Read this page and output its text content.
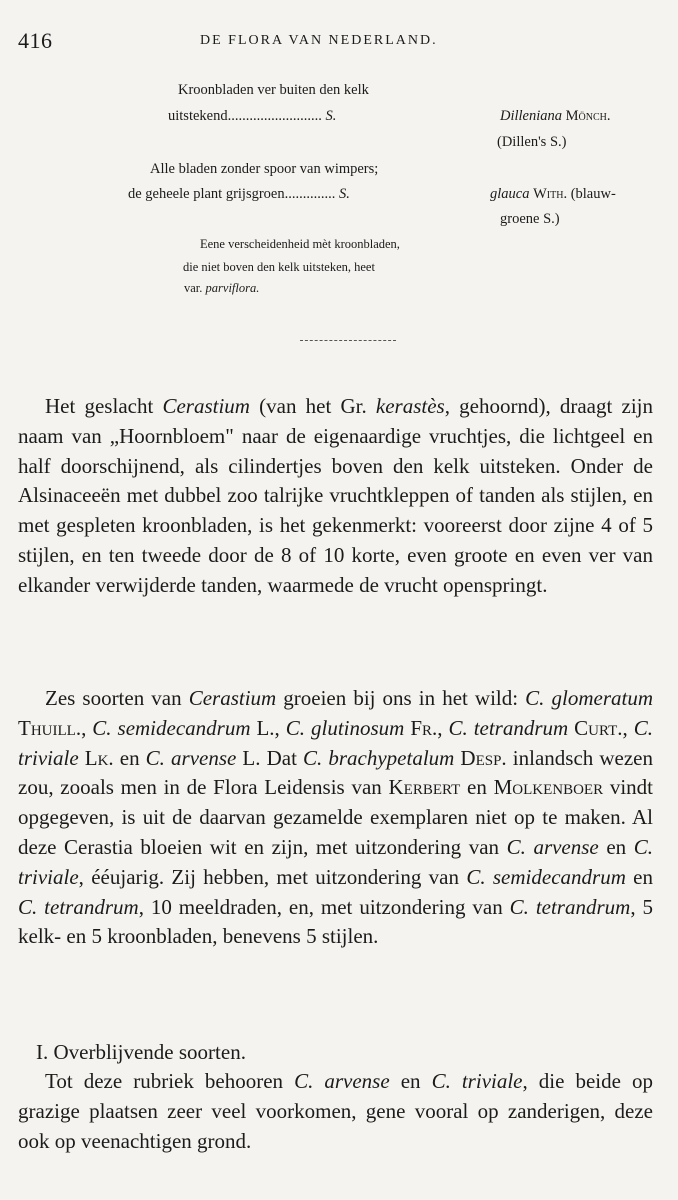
416	DE FLORA VAN NEDERLAND.
Kroonbladen ver buiten den kelk
uitstekend.......................... S.	Dilleniana Mönch.
(Dillen's S.)
Alle bladen zonder spoor van wimpers;
de geheele plant grijsgroen.............. S.	glauca With. (blauw-
groene S.)
Eene verscheidenheid mèt kroonbladen,
die niet boven den kelk uitsteken, heet
var. parviflora.

Het geslacht Cerastium (van het Gr. kerastès, gehoornd), draagt zijn naam van „Hoornbloem" naar de eigenaardige vruchtjes, die lichtgeel en half doorschijnend, als cilindertjes boven den kelk uitsteken. Onder de Alsinaceeën met dubbel zoo talrijke vruchtkleppen of tanden als stijlen, en met gespleten kroonbladen, is het gekenmerkt: vooreerst door zijne 4 of 5 stijlen, en ten tweede door de 8 of 10 korte, even groote en even ver van elkander verwijderde tanden, waarmede de vrucht openspringt.

Zes soorten van Cerastium groeien bij ons in het wild: C. glomeratum Thuill., C. semidecandrum L., C. glutinosum Fr., C. tetrandrum Curt., C. triviale Lk. en C. arvense L. Dat C. brachypetalum Desp. inlandsch wezen zou, zooals men in de Flora Leidensis van Kerbert en Molkenboer vindt opgegeven, is uit de daarvan gezamelde exemplaren niet op te maken. Al deze Cerastia bloeien wit en zijn, met uitzondering van C. arvense en C. triviale, ééujarig. Zij hebben, met uitzondering van C. semidecandrum en C. tetrandrum, 10 meeldraden, en, met uitzondering van C. tetrandrum, 5 kelk- en 5 kroonbladen, benevens 5 stijlen.

I. Overblijvende soorten.

Tot deze rubriek behooren C. arvense en C. triviale, die beide op grazige plaatsen zeer veel voorkomen, gene vooral op zanderigen, deze ook op veenachtigen grond.
